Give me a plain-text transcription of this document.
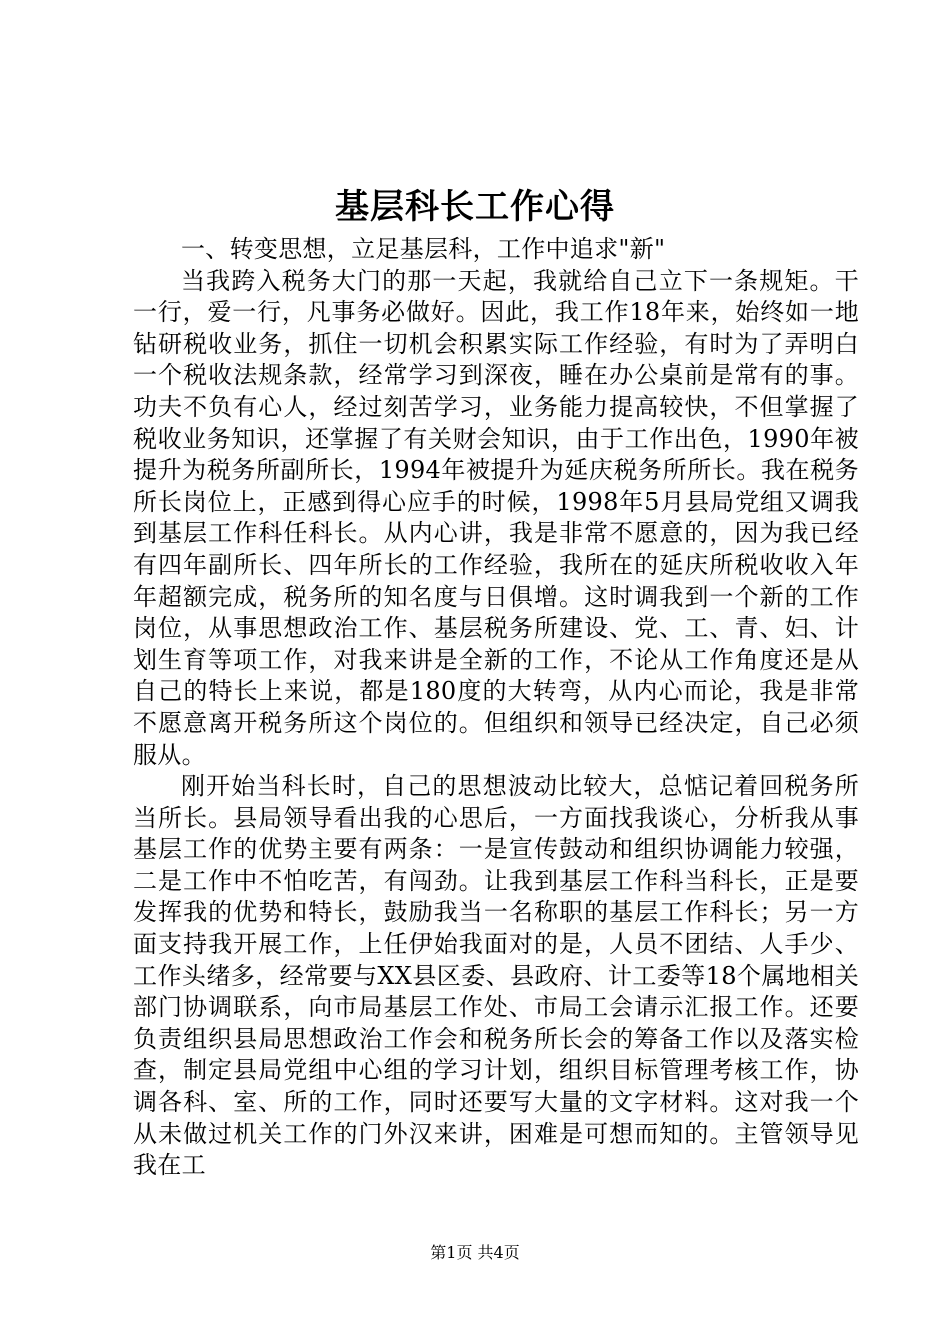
基层科长工作心得

一、转变思想，立足基层科，工作中追求"新"

当我跨入税务大门的那一天起，我就给自己立下一条规矩。干一行，爱一行，凡事务必做好。因此，我工作18年来，始终如一地钻研税收业务，抓住一切机会积累实际工作经验，有时为了弄明白一个税收法规条款，经常学习到深夜，睡在办公桌前是常有的事。功夫不负有心人，经过刻苦学习，业务能力提高较快，不但掌握了税收业务知识，还掌握了有关财会知识，由于工作出色，1990年被提升为税务所副所长，1994年被提升为延庆税务所所长。我在税务所长岗位上，正感到得心应手的时候，1998年5月县局党组又调我到基层工作科任科长。从内心讲，我是非常不愿意的，因为我已经有四年副所长、四年所长的工作经验，我所在的延庆所税收收入年年超额完成，税务所的知名度与日俱增。这时调我到一个新的工作岗位，从事思想政治工作、基层税务所建设、党、工、青、妇、计划生育等项工作，对我来讲是全新的工作，不论从工作角度还是从自己的特长上来说，都是180度的大转弯，从内心而论，我是非常不愿意离开税务所这个岗位的。但组织和领导已经决定，自己必须服从。

刚开始当科长时，自己的思想波动比较大，总惦记着回税务所当所长。县局领导看出我的心思后，一方面找我谈心，分析我从事基层工作的优势主要有两条：一是宣传鼓动和组织协调能力较强，二是工作中不怕吃苦，有闯劲。让我到基层工作科当科长，正是要发挥我的优势和特长，鼓励我当一名称职的基层工作科长；另一方面支持我开展工作，上任伊始我面对的是，人员不团结、人手少、工作头绪多，经常要与XX县区委、县政府、计工委等18个属地相关部门协调联系，向市局基层工作处、市局工会请示汇报工作。还要负责组织县局思想政治工作会和税务所长会的筹备工作以及落实检查，制定县局党组中心组的学习计划，组织目标管理考核工作，协调各科、室、所的工作，同时还要写大量的文字材料。这对我一个从未做过机关工作的门外汉来讲，困难是可想而知的。主管领导见我在工

第1页 共4页
